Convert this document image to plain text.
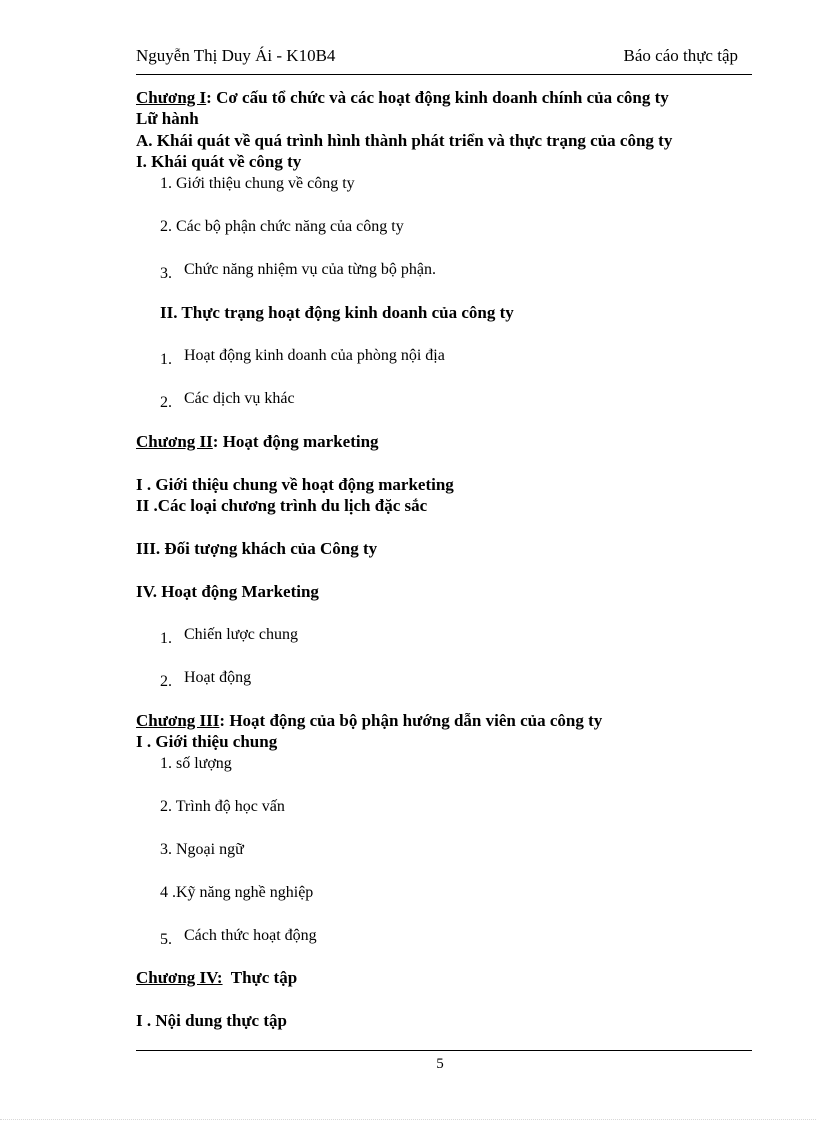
Nguyễn Thị Duy Ái - K10B4	Báo cáo thực tập
Chương I: Cơ cấu tổ chức và các hoạt động kinh doanh chính của công ty
Lữ hành
A. Khái quát về quá trình hình thành phát triển và thực trạng của công ty
I. Khái quát về công ty
1. Giới thiệu chung về công ty
2. Các bộ phận chức năng của công ty
3. Chức năng nhiệm vụ của từng bộ phận.
II. Thực trạng hoạt động kinh doanh của công ty
1. Hoạt động kinh doanh của phòng nội địa
2. Các dịch vụ khác
Chương II: Hoạt động marketing
I . Giới thiệu chung về hoạt động marketing
II .Các loại chương trình du lịch đặc sắc
III. Đối tượng khách của Công ty
IV. Hoạt động Marketing
1. Chiến lược chung
2. Hoạt động
Chương III: Hoạt động của bộ phận hướng dẫn viên của công ty
I . Giới thiệu chung
1. số lượng
2. Trình độ học vấn
3. Ngoại ngữ
4 .Kỹ năng nghề nghiệp
5. Cách thức hoạt động
Chương IV:  Thực tập
I . Nội dung thực tập
5
